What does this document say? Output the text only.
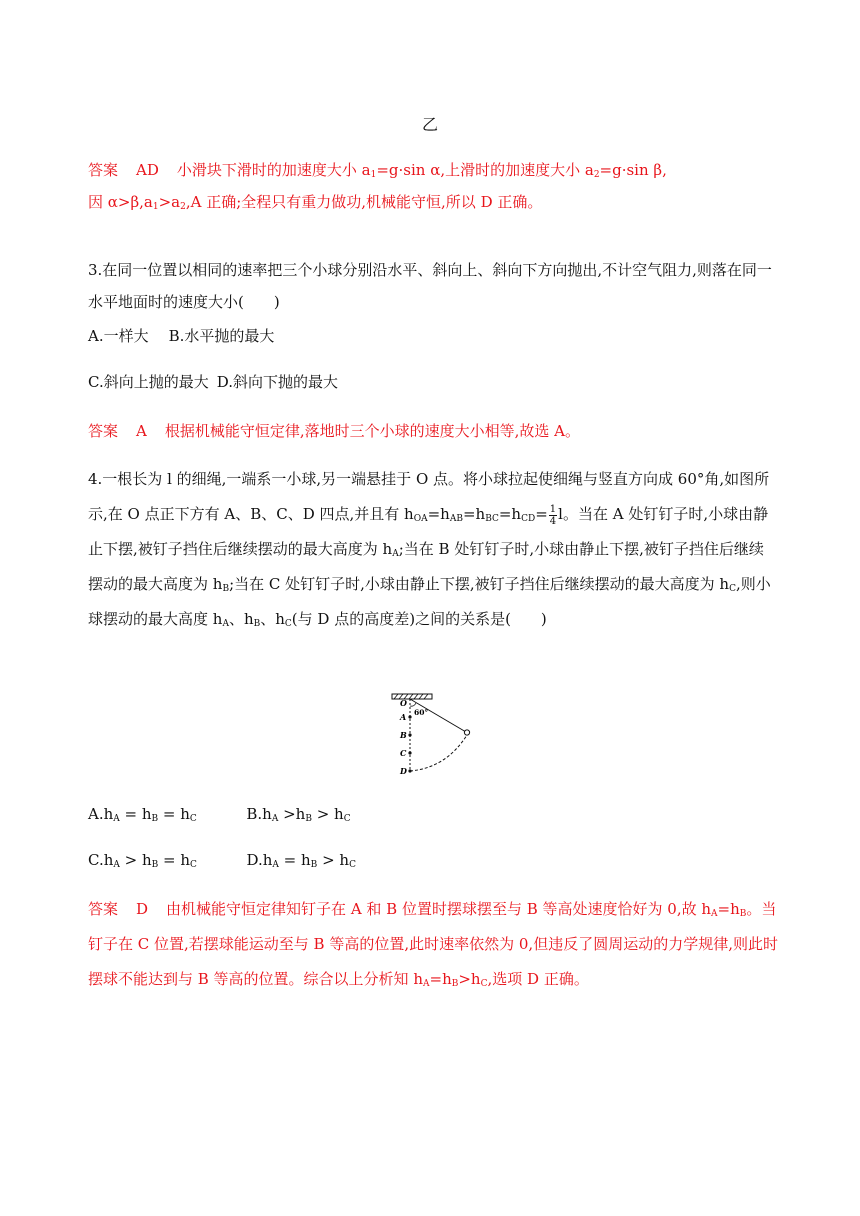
乙
答案 AD 小滑块下滑时的加速度大小 $a_1=g\cdot\sin$ α,上滑时的加速度大小 $a_2=g\cdot\sin$ β,
因 $\alpha>\beta,a_1>a_2,A$ 正确;全程只有重力做功,机械能守恒,所以 D 正确。
3.在同一位置以相同的速率把三个小球分别沿水平、斜向上、斜向下方向抛出,不计空气阻力,则落在同一水平地面时的速度大小(　　)
A.一样大 B.水平抛的最大
C.斜向上抛的最大 D.斜向下抛的最大
答案 A 根据机械能守恒定律,落地时三个小球的速度大小相等,故选 A。
4.一根长为 l 的细绳,一端系一小球,另一端悬挂于 O 点。将小球拉起使细绳与竖直方向成 60°角,如图所示,在 O 点正下方有 A、B、C、D 四点,并且有 $h_{OA}=h_{AB}=h_{BC}=h_{CD}= \frac{1}{4}$ l。当在 A 处钉钉子时,小球由静止下摆,被钉子挡住后继续摆动的最大高度为 $h_A$;当在 B 处钉钉子时,小球由静止下摆,被钉子挡住后继续摆动的最大高度为 $h_B$;当在 C 处钉钉子时,小球由静止下摆,被钉子挡住后继续摆动的最大高度为 $h_C$,则小球摆动的最大高度 $h_A$、$h_B$、$h_C$(与 D 点的高度差)之间的关系是(　　)
O
A
B
C
D
60°
$A.h_A = h_B = h_C$	$B.h_A >h_B > h_C$
$C.h_A > h_B = h_C$	$D.h_A = h_B > h_C$
答案 D 由机械能守恒定律知钉子在 A 和 B 位置时摆球摆至与 B 等高处速度恰好为 0,故 $h_A=h_B$。当钉子在 C 位置,若摆球能运动至与 B 等高的位置,此时速率依然为 0,但违反了圆周运动的力学规律,则此时摆球不能达到与 B 等高的位置。综合以上分析知 $h_A=h_B>h_C$,选项 D 正确。
